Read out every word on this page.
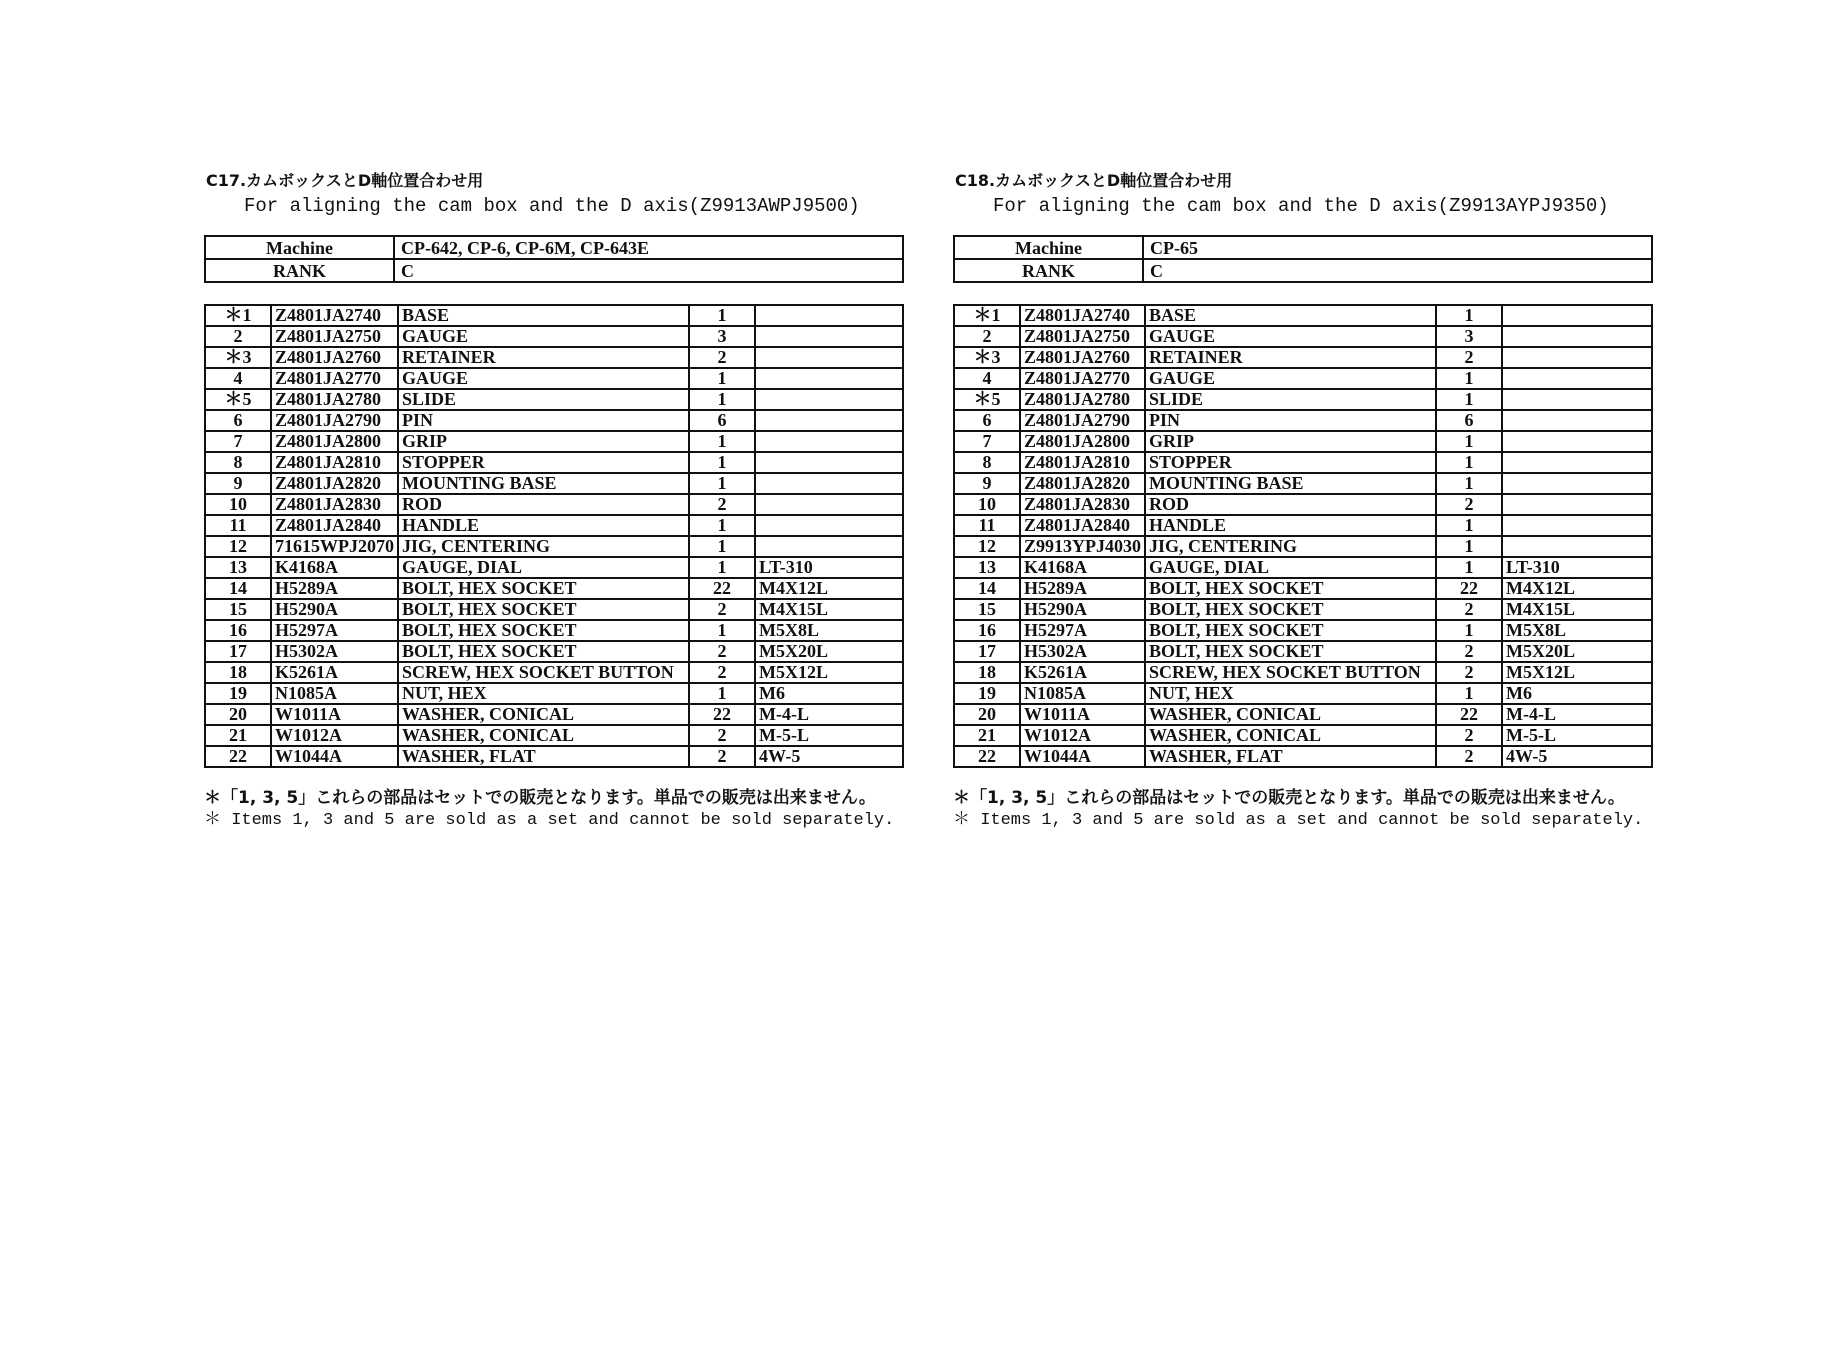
C17.カムボックスとD軸位置合わせ用
For aligning the cam box and the D axis(Z9913AWPJ9500)
Machine	CP-642, CP-6, CP-6M, CP-643E
RANK	C
＊1	Z4801JA2740	BASE	1	
2	Z4801JA2750	GAUGE	3	
＊3	Z4801JA2760	RETAINER	2	
4	Z4801JA2770	GAUGE	1	
＊5	Z4801JA2780	SLIDE	1	
6	Z4801JA2790	PIN	6	
7	Z4801JA2800	GRIP	1	
8	Z4801JA2810	STOPPER	1	
9	Z4801JA2820	MOUNTING BASE	1	
10	Z4801JA2830	ROD	2	
11	Z4801JA2840	HANDLE	1	
12	71615WPJ2070	JIG, CENTERING	1	
13	K4168A	GAUGE, DIAL	1	LT-310
14	H5289A	BOLT, HEX SOCKET	22	M4X12L
15	H5290A	BOLT, HEX SOCKET	2	M4X15L
16	H5297A	BOLT, HEX SOCKET	1	M5X8L
17	H5302A	BOLT, HEX SOCKET	2	M5X20L
18	K5261A	SCREW, HEX SOCKET BUTTON	2	M5X12L
19	N1085A	NUT, HEX	1	M6
20	W1011A	WASHER, CONICAL	22	M-4-L
21	W1012A	WASHER, CONICAL	2	M-5-L
22	W1044A	WASHER, FLAT	2	4W-5
＊「1, 3, 5」これらの部品はセットでの販売となります。単品での販売は出来ません。
＊ Items 1, 3 and 5 are sold as a set and cannot be sold separately.
C18.カムボックスとD軸位置合わせ用
For aligning the cam box and the D axis(Z9913AYPJ9350)
Machine	CP-65
RANK	C
＊1	Z4801JA2740	BASE	1	
2	Z4801JA2750	GAUGE	3	
＊3	Z4801JA2760	RETAINER	2	
4	Z4801JA2770	GAUGE	1	
＊5	Z4801JA2780	SLIDE	1	
6	Z4801JA2790	PIN	6	
7	Z4801JA2800	GRIP	1	
8	Z4801JA2810	STOPPER	1	
9	Z4801JA2820	MOUNTING BASE	1	
10	Z4801JA2830	ROD	2	
11	Z4801JA2840	HANDLE	1	
12	Z9913YPJ4030	JIG, CENTERING	1	
13	K4168A	GAUGE, DIAL	1	LT-310
14	H5289A	BOLT, HEX SOCKET	22	M4X12L
15	H5290A	BOLT, HEX SOCKET	2	M4X15L
16	H5297A	BOLT, HEX SOCKET	1	M5X8L
17	H5302A	BOLT, HEX SOCKET	2	M5X20L
18	K5261A	SCREW, HEX SOCKET BUTTON	2	M5X12L
19	N1085A	NUT, HEX	1	M6
20	W1011A	WASHER, CONICAL	22	M-4-L
21	W1012A	WASHER, CONICAL	2	M-5-L
22	W1044A	WASHER, FLAT	2	4W-5
＊「1, 3, 5」これらの部品はセットでの販売となります。単品での販売は出来ません。
＊ Items 1, 3 and 5 are sold as a set and cannot be sold separately.
